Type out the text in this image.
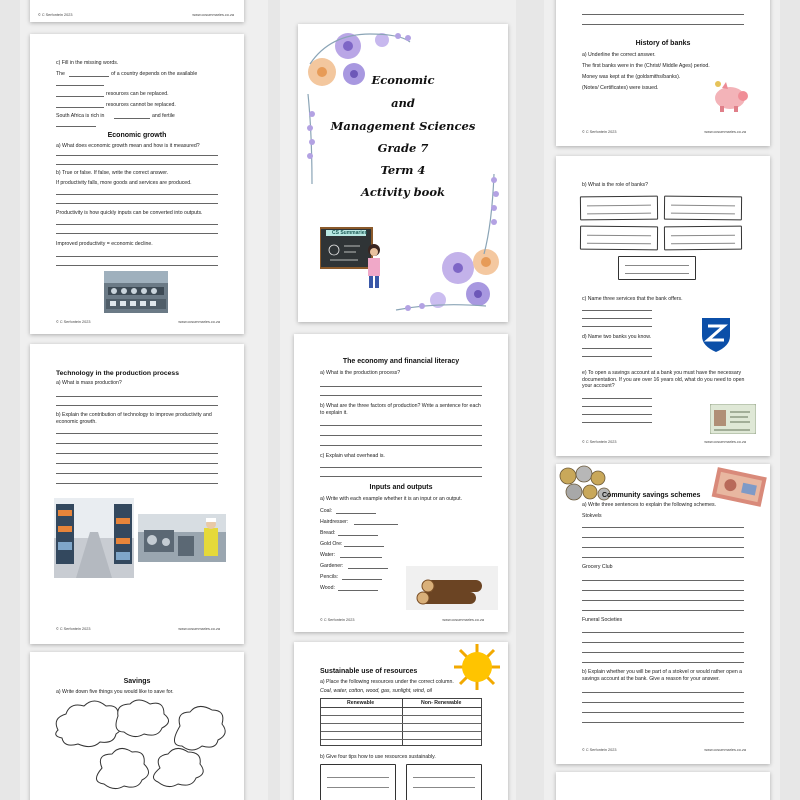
© C Serfontein 2023	www.ccsummaries.co.za
c) Fill in the missing words.
The	of a country depends on the available
resources can be replaced.
resources cannot be replaced.
South Africa is rich in	and fertile
Economic growth
a) What does economic growth mean and how is it measured?
b) True or false. If false, write the correct answer.
If productivity falls, more goods and services are produced.
Productivity is how quickly inputs can be converted into outputs.
Improved productivity = economic decline.
© C Serfontein 2023	www.ccsummaries.co.za
Technology in the production process
a) What is mass production?
b) Explain the contribution of technology to improve productivity and economic growth.
© C Serfontein 2023	www.ccsummaries.co.za
Savings
a) Write down five things you would like to save for.
Economic
and
Management Sciences
Grade 7
Term 4
Activity book
CS Summaries
The economy and financial literacy
a) What is the production process?
b) What are the three factors of production? Write a sentence for each to explain it.
c) Explain what overhead is.
Inputs and outputs
a) Write with each example whether it is an input or an output.
Coal:
Hairdresser:
Bread:
Gold Ore:
Water:
Gardener:
Pencils:
Wood:
© C Serfontein 2023	www.ccsummaries.co.za
Sustainable use of resources
a) Place the following resources under the correct column.
Coal, water, cotton, wood, gas, sunlight, wind, oil
Renewable	Non- Renewable
b) Give four tips how to use resources sustainably.
History of banks
a) Underline the correct answer.
The first banks were in the (Christ/ Middle Ages) period.
Money was kept at the (goldsmiths/banks).
(Notes/ Certificates) were issued.
© C Serfontein 2023	www.ccsummaries.co.za
b) What is the role of banks?
c) Name three services that the bank offers.
d) Name two banks you know.
e) To open a savings account at a bank you must have the necessary documentation. If you are over 16 years old, what do you need to open your account?
© C Serfontein 2023	www.ccsummaries.co.za
Community savings schemes
a) Write three sentences to explain the following schemes.
Stokvels
Grocery Club
Funeral Societies
b) Explain whether you will be part of a stokvel or would rather open a savings account at the bank. Give a reason for your answer.
© C Serfontein 2023	www.ccsummaries.co.za
